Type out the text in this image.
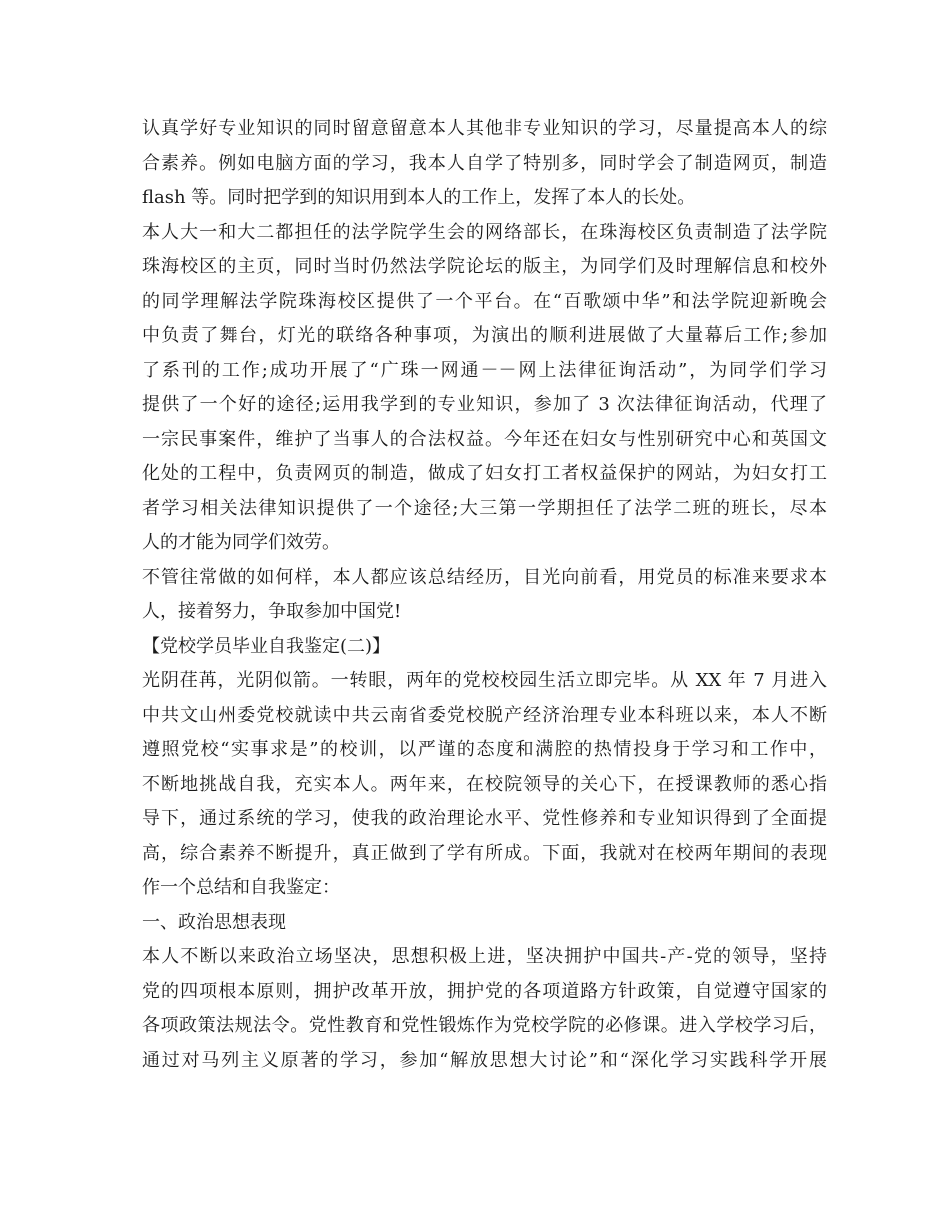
认真学好专业知识的同时留意留意本人其他非专业知识的学习，尽量提高本人的综
合素养。例如电脑方面的学习，我本人自学了特别多，同时学会了制造网页，制造
flash 等。同时把学到的知识用到本人的工作上，发挥了本人的长处。
本人大一和大二都担任的法学院学生会的网络部长，在珠海校区负责制造了法学院
珠海校区的主页，同时当时仍然法学院论坛的版主，为同学们及时理解信息和校外
的同学理解法学院珠海校区提供了一个平台。在“百歌颂中华”和法学院迎新晚会
中负责了舞台，灯光的联络各种事项，为演出的顺利进展做了大量幕后工作;参加
了系刊的工作;成功开展了“广珠一网通－－网上法律征询活动”，为同学们学习
提供了一个好的途径;运用我学到的专业知识，参加了 3 次法律征询活动，代理了
一宗民事案件，维护了当事人的合法权益。今年还在妇女与性别研究中心和英国文
化处的工程中，负责网页的制造，做成了妇女打工者权益保护的网站，为妇女打工
者学习相关法律知识提供了一个途径;大三第一学期担任了法学二班的班长，尽本
人的才能为同学们效劳。
不管往常做的如何样，本人都应该总结经历，目光向前看，用党员的标准来要求本
人，接着努力，争取参加中国党!
【党校学员毕业自我鉴定(二)】
光阴荏苒，光阴似箭。一转眼，两年的党校校园生活立即完毕。从 XX 年 7 月进入
中共文山州委党校就读中共云南省委党校脱产经济治理专业本科班以来，本人不断
遵照党校“实事求是”的校训，以严谨的态度和满腔的热情投身于学习和工作中，
不断地挑战自我，充实本人。两年来，在校院领导的关心下，在授课教师的悉心指
导下，通过系统的学习，使我的政治理论水平、党性修养和专业知识得到了全面提
高，综合素养不断提升，真正做到了学有所成。下面，我就对在校两年期间的表现
作一个总结和自我鉴定：
一、政治思想表现
本人不断以来政治立场坚决，思想积极上进，坚决拥护中国共-产-党的领导，坚持
党的四项根本原则，拥护改革开放，拥护党的各项道路方针政策，自觉遵守国家的
各项政策法规法令。党性教育和党性锻炼作为党校学院的必修课。进入学校学习后，
通过对马列主义原著的学习，参加“解放思想大讨论”和“深化学习实践科学开展
